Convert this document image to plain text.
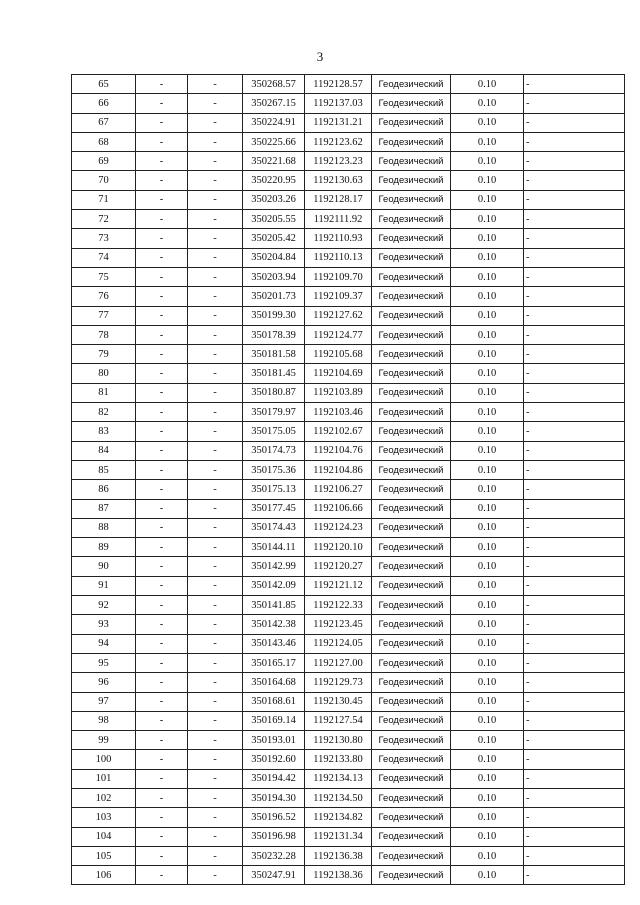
3
65	-	-	350268.57	1192128.57	Геодезический	0.10	-
66	-	-	350267.15	1192137.03	Геодезический	0.10	-
67	-	-	350224.91	1192131.21	Геодезический	0.10	-
68	-	-	350225.66	1192123.62	Геодезический	0.10	-
69	-	-	350221.68	1192123.23	Геодезический	0.10	-
70	-	-	350220.95	1192130.63	Геодезический	0.10	-
71	-	-	350203.26	1192128.17	Геодезический	0.10	-
72	-	-	350205.55	1192111.92	Геодезический	0.10	-
73	-	-	350205.42	1192110.93	Геодезический	0.10	-
74	-	-	350204.84	1192110.13	Геодезический	0.10	-
75	-	-	350203.94	1192109.70	Геодезический	0.10	-
76	-	-	350201.73	1192109.37	Геодезический	0.10	-
77	-	-	350199.30	1192127.62	Геодезический	0.10	-
78	-	-	350178.39	1192124.77	Геодезический	0.10	-
79	-	-	350181.58	1192105.68	Геодезический	0.10	-
80	-	-	350181.45	1192104.69	Геодезический	0.10	-
81	-	-	350180.87	1192103.89	Геодезический	0.10	-
82	-	-	350179.97	1192103.46	Геодезический	0.10	-
83	-	-	350175.05	1192102.67	Геодезический	0.10	-
84	-	-	350174.73	1192104.76	Геодезический	0.10	-
85	-	-	350175.36	1192104.86	Геодезический	0.10	-
86	-	-	350175.13	1192106.27	Геодезический	0.10	-
87	-	-	350177.45	1192106.66	Геодезический	0.10	-
88	-	-	350174.43	1192124.23	Геодезический	0.10	-
89	-	-	350144.11	1192120.10	Геодезический	0.10	-
90	-	-	350142.99	1192120.27	Геодезический	0.10	-
91	-	-	350142.09	1192121.12	Геодезический	0.10	-
92	-	-	350141.85	1192122.33	Геодезический	0.10	-
93	-	-	350142.38	1192123.45	Геодезический	0.10	-
94	-	-	350143.46	1192124.05	Геодезический	0.10	-
95	-	-	350165.17	1192127.00	Геодезический	0.10	-
96	-	-	350164.68	1192129.73	Геодезический	0.10	-
97	-	-	350168.61	1192130.45	Геодезический	0.10	-
98	-	-	350169.14	1192127.54	Геодезический	0.10	-
99	-	-	350193.01	1192130.80	Геодезический	0.10	-
100	-	-	350192.60	1192133.80	Геодезический	0.10	-
101	-	-	350194.42	1192134.13	Геодезический	0.10	-
102	-	-	350194.30	1192134.50	Геодезический	0.10	-
103	-	-	350196.52	1192134.82	Геодезический	0.10	-
104	-	-	350196.98	1192131.34	Геодезический	0.10	-
105	-	-	350232.28	1192136.38	Геодезический	0.10	-
106	-	-	350247.91	1192138.36	Геодезический	0.10	-
